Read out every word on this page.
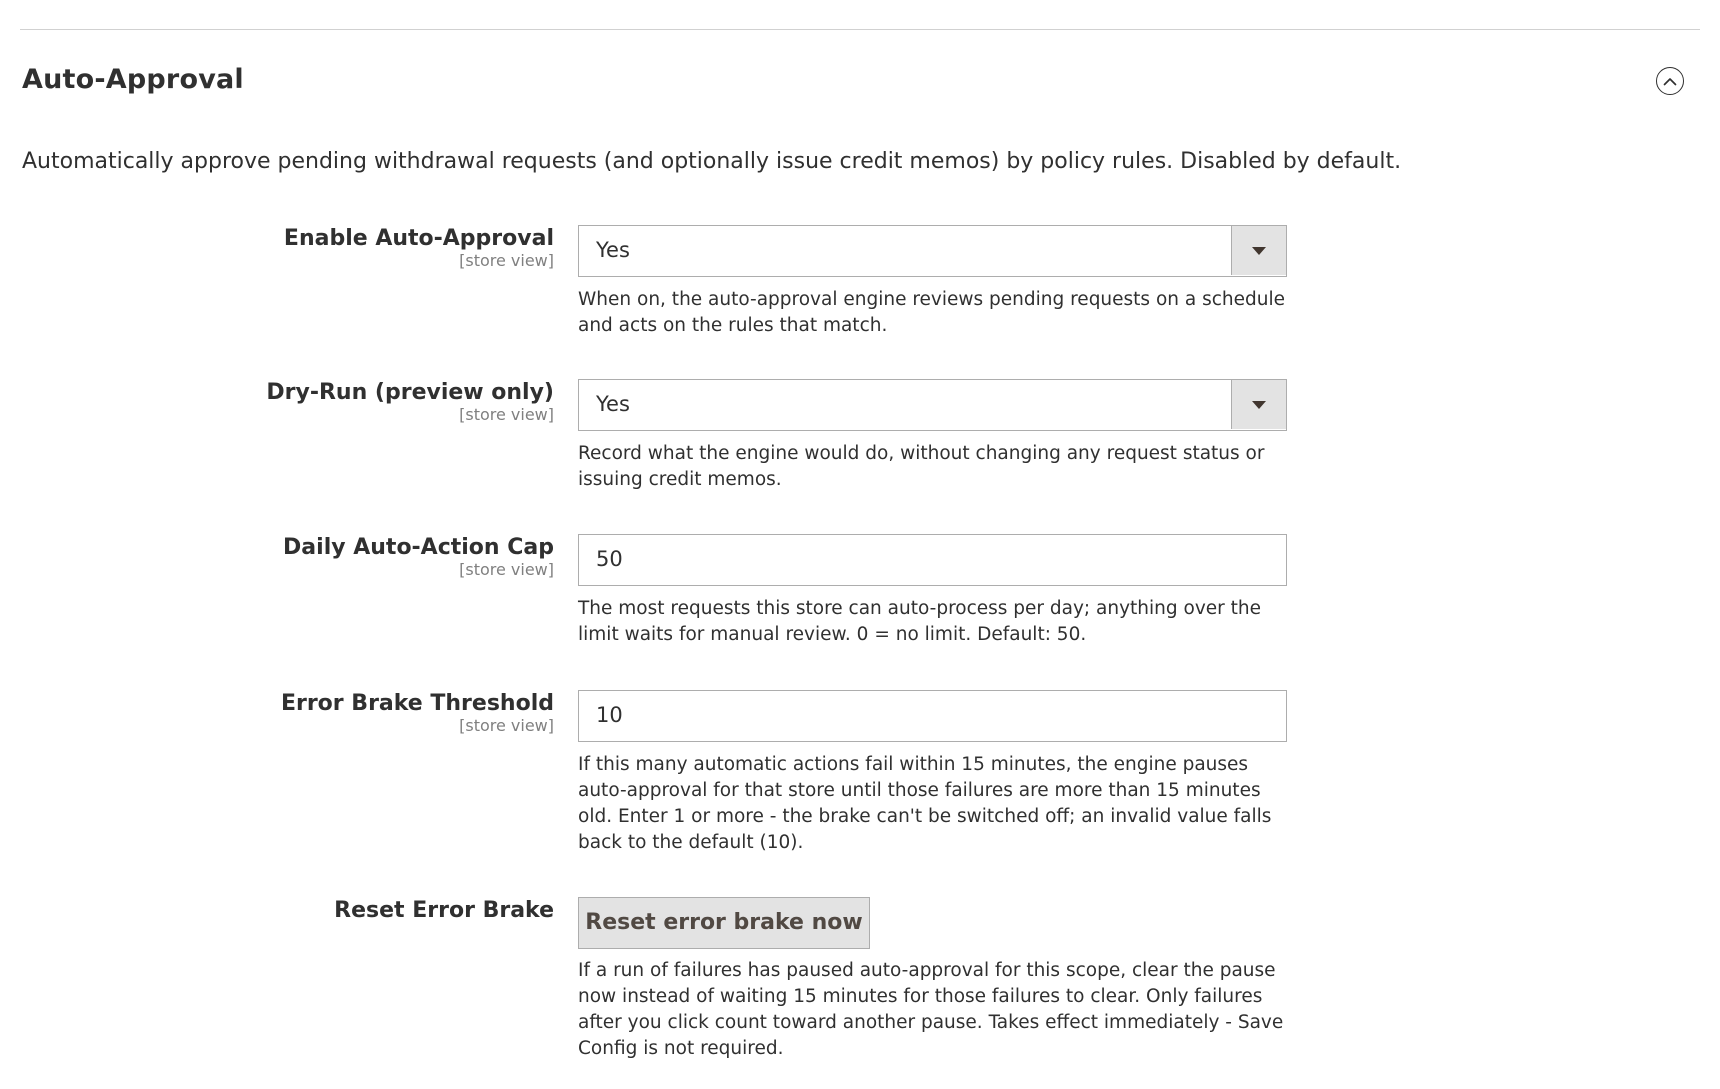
Auto-Approval

Automatically approve pending withdrawal requests (and optionally issue credit memos) by policy rules. Disabled by default.

Enable Auto-Approval
[store view] Yes

When on, the auto-approval engine reviews pending requests on a schedule and acts on the rules that match.

Dry-Run (preview only)
[store view] Yes

Record what the engine would do, without changing any request status or issuing credit memos.

Daily Auto-Action Cap
[store view] 50

The most requests this store can auto-process per day; anything over the limit waits for manual review. 0 = no limit. Default: 50.

Error Brake Threshold
[store view] 10

If this many automatic actions fail within 15 minutes, the engine pauses auto-approval for that store until those failures are more than 15 minutes old. Enter 1 or more - the brake can't be switched off; an invalid value falls back to the default (10).

Reset Error Brake	Reset error brake now

If a run of failures has paused auto-approval for this scope, clear the pause now instead of waiting 15 minutes for those failures to clear. Only failures after you click count toward another pause. Takes effect immediately - Save Config is not required.
